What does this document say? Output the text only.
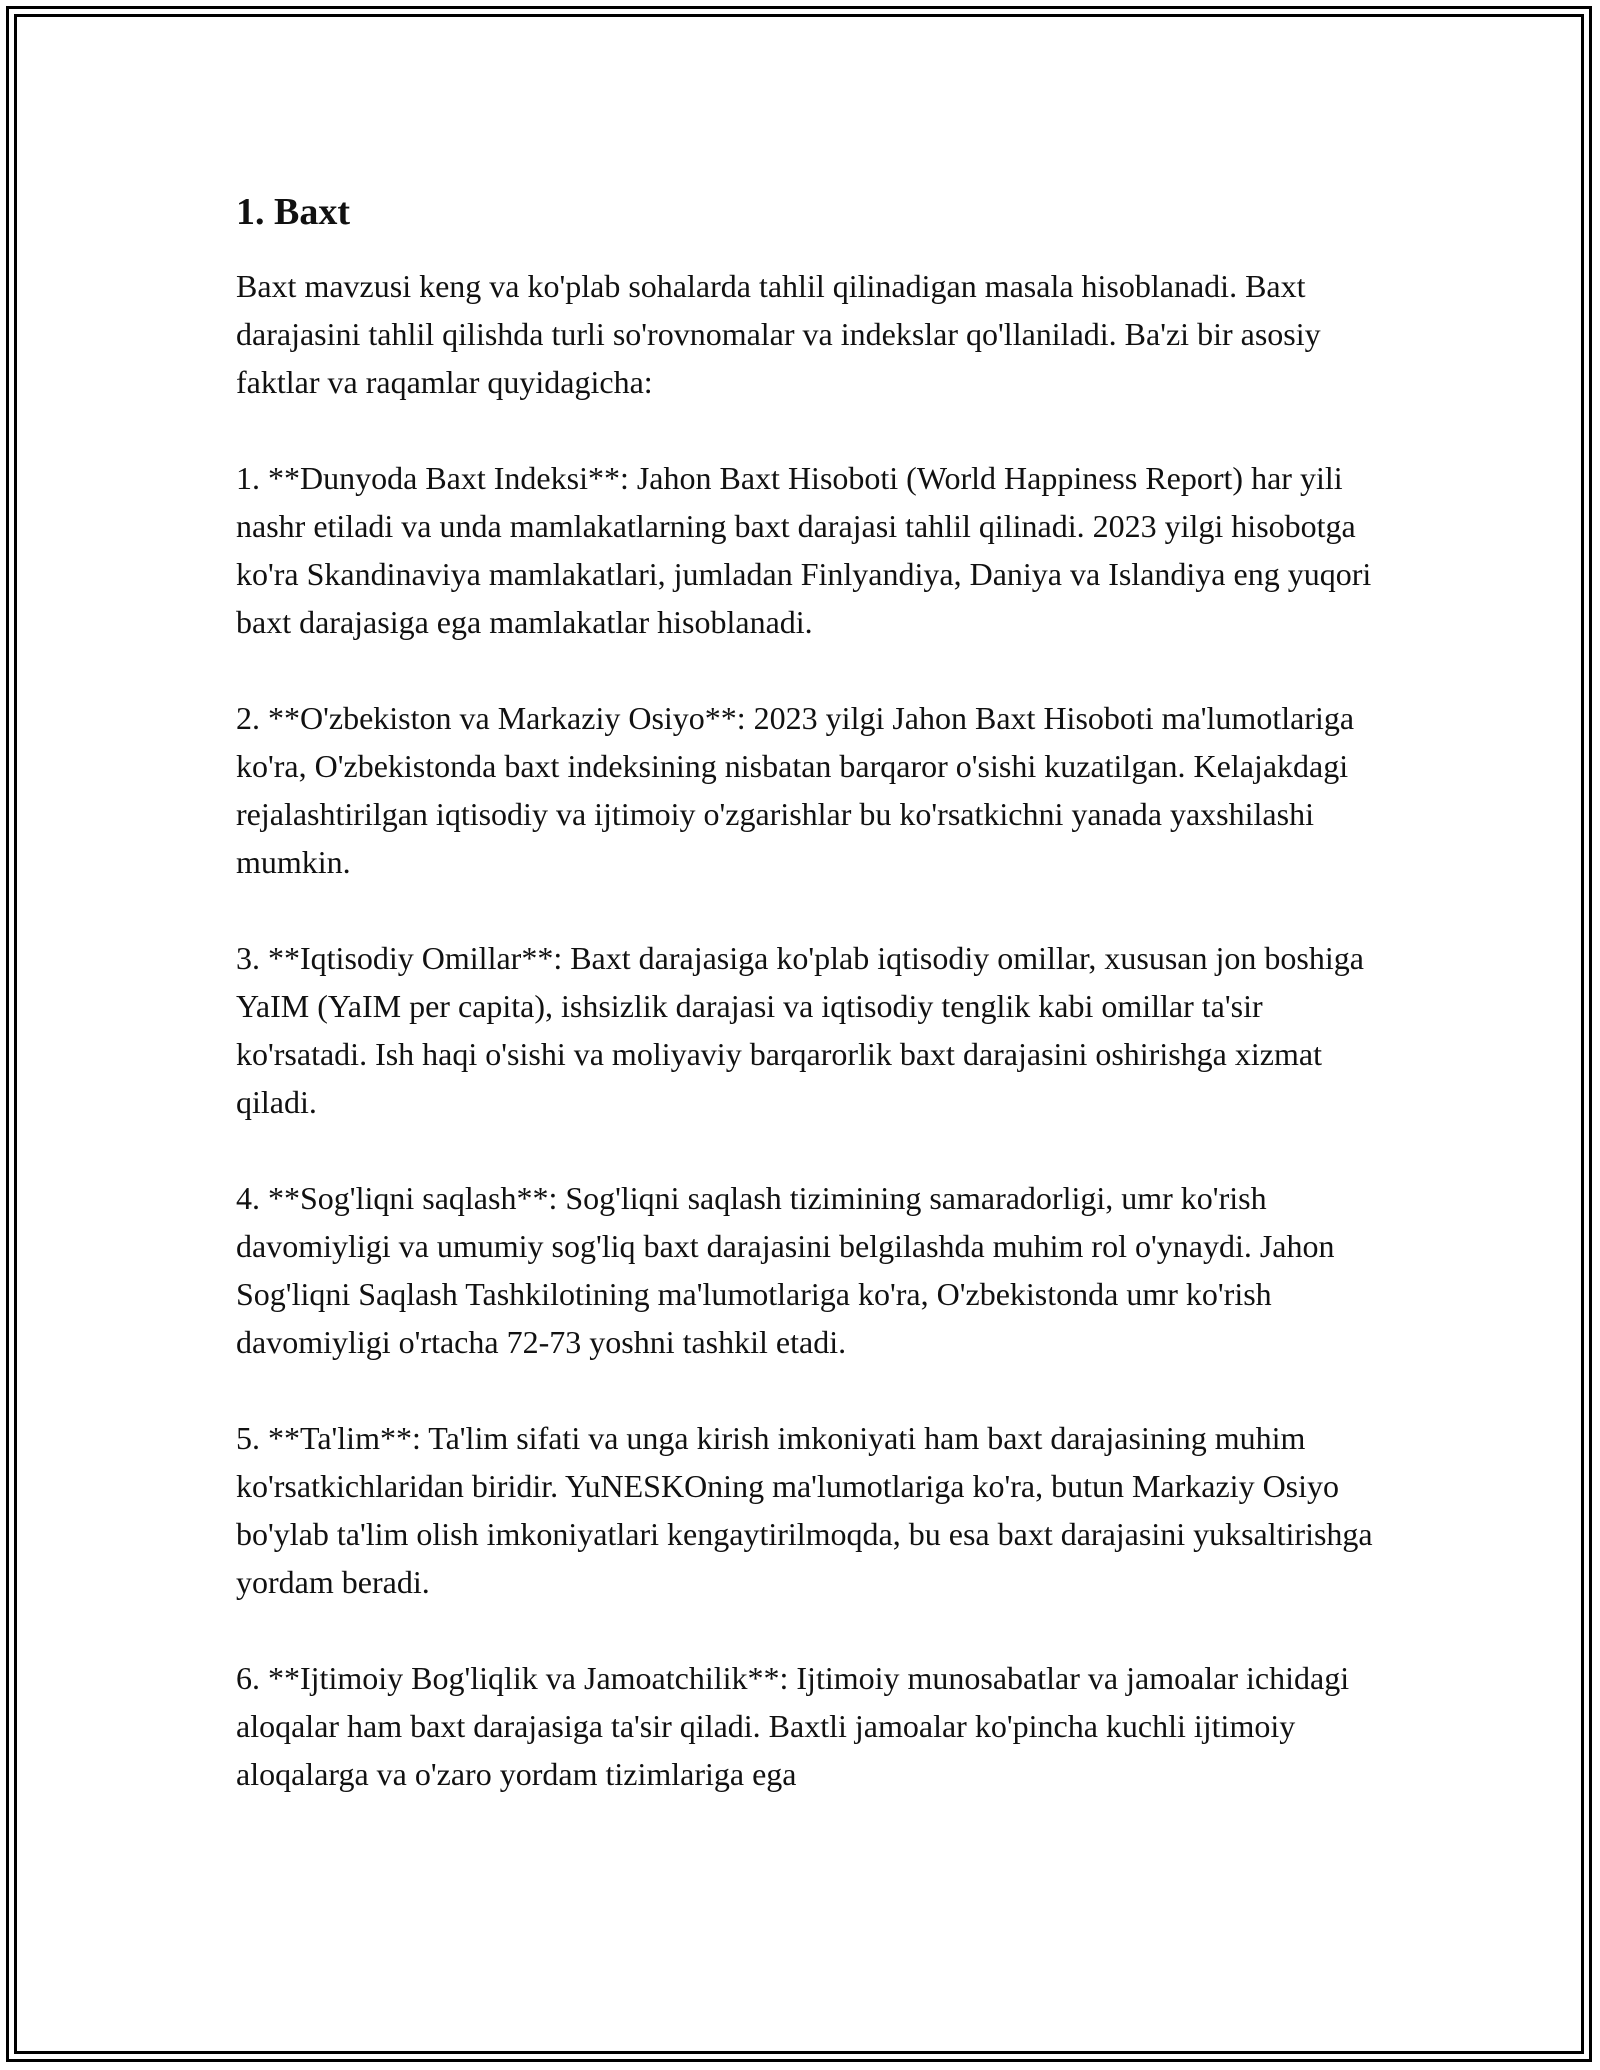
1. Baxt

Baxt mavzusi keng va ko'plab sohalarda tahlil qilinadigan masala hisoblanadi. Baxt darajasini tahlil qilishda turli so'rovnomalar va indekslar qo'llaniladi. Ba'zi bir asosiy faktlar va raqamlar quyidagicha:

1. **Dunyoda Baxt Indeksi**: Jahon Baxt Hisoboti (World Happiness Report) har yili nashr etiladi va unda mamlakatlarning baxt darajasi tahlil qilinadi. 2023 yilgi hisobotga ko'ra Skandinaviya mamlakatlari, jumladan Finlyandiya, Daniya va Islandiya eng yuqori baxt darajasiga ega mamlakatlar hisoblanadi.

2. **O'zbekiston va Markaziy Osiyo**: 2023 yilgi Jahon Baxt Hisoboti ma'lumotlariga ko'ra, O'zbekistonda baxt indeksining nisbatan barqaror o'sishi kuzatilgan. Kelajakdagi rejalashtirilgan iqtisodiy va ijtimoiy o'zgarishlar bu ko'rsatkichni yanada yaxshilashi mumkin.

3. **Iqtisodiy Omillar**: Baxt darajasiga ko'plab iqtisodiy omillar, xususan jon boshiga YaIM (YaIM per capita), ishsizlik darajasi va iqtisodiy tenglik kabi omillar ta'sir ko'rsatadi. Ish haqi o'sishi va moliyaviy barqarorlik baxt darajasini oshirishga xizmat qiladi.

4. **Sog'liqni saqlash**: Sog'liqni saqlash tizimining samaradorligi, umr ko'rish davomiyligi va umumiy sog'liq baxt darajasini belgilashda muhim rol o'ynaydi. Jahon Sog'liqni Saqlash Tashkilotining ma'lumotlariga ko'ra, O'zbekistonda umr ko'rish davomiyligi o'rtacha 72-73 yoshni tashkil etadi.

5. **Ta'lim**: Ta'lim sifati va unga kirish imkoniyati ham baxt darajasining muhim ko'rsatkichlaridan biridir. YuNESKOning ma'lumotlariga ko'ra, butun Markaziy Osiyo bo'ylab ta'lim olish imkoniyatlari kengaytirilmoqda, bu esa baxt darajasini yuksaltirishga yordam beradi.

6. **Ijtimoiy Bog'liqlik va Jamoatchilik**: Ijtimoiy munosabatlar va jamoalar ichidagi aloqalar ham baxt darajasiga ta'sir qiladi. Baxtli jamoalar ko'pincha kuchli ijtimoiy aloqalarga va o'zaro yordam tizimlariga ega
